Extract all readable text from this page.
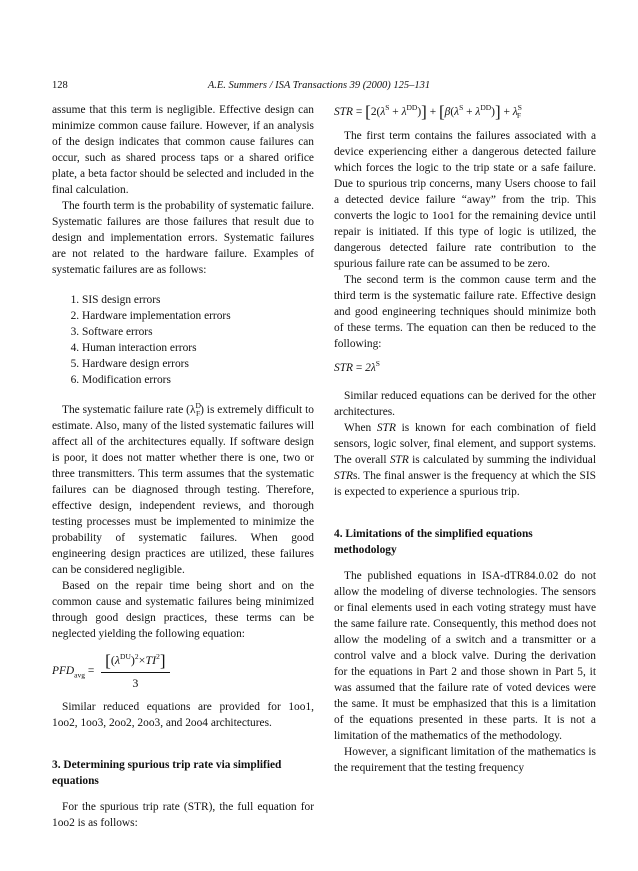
128	A.E. Summers / ISA Transactions 39 (2000) 125–131

assume that this term is negligible. Effective design can minimize common cause failure. However, if an analysis of the design indicates that common cause failures can occur, such as shared process taps or a shared orifice plate, a beta factor should be selected and included in the final calculation.

The fourth term is the probability of systematic failure. Systematic failures are those failures that result due to design and implementation errors. Systematic failures are not related to the hardware failure. Examples of systematic failures are as follows:

1. SIS design errors
2. Hardware implementation errors
3. Software errors
4. Human interaction errors
5. Hardware design errors
6. Modification errors

The systematic failure rate $(\lambda^D_F)$ is extremely difficult to estimate. Also, many of the listed systematic failures will affect all of the architectures equally. If software design is poor, it does not matter whether there is one, two or three transmitters. This term assumes that the systematic failures can be diagnosed through testing. Therefore, effective design, independent reviews, and thorough testing processes must be implemented to minimize the probability of systematic failures. When good engineering design practices are utilized, these failures can be considered negligible.

Based on the repair time being short and on the common cause and systematic failures being minimized through good design practices, these terms can be neglected yielding the following equation:

$PFD_{avg} = \frac{[(\lambda^{DU})^2\times TI^2]}{3}$

Similar reduced equations are provided for 1oo1, 1oo2, 1oo3, 2oo2, 2oo3, and 2oo4 architectures.

3. Determining spurious trip rate via simplified equations

For the spurious trip rate (STR), the full equation for 1oo2 is as follows:

STR = $[2(\lambda^S + \lambda^{DD})] + [\beta(\lambda^S + \lambda^{DD})] + \lambda^S_F$

The first term contains the failures associated with a device experiencing either a dangerous detected failure which forces the logic to the trip state or a safe failure. Due to spurious trip concerns, many Users choose to fail a detected device failure “away” from the trip. This converts the logic to 1oo1 for the remaining device until repair is initiated. If this type of logic is utilized, the dangerous detected failure rate contribution to the spurious failure rate can be assumed to be zero.

The second term is the common cause term and the third term is the systematic failure rate. Effective design and good engineering techniques should minimize both of these terms. The equation can then be reduced to the following:

STR = $2\lambda^S$

Similar reduced equations can be derived for the other architectures.

When STR is known for each combination of field sensors, logic solver, final element, and support systems. The overall STR is calculated by summing the individual STRs. The final answer is the frequency at which the SIS is expected to experience a spurious trip.

4. Limitations of the simplified equations methodology

The published equations in ISA-dTR84.0.02 do not allow the modeling of diverse technologies. The sensors or final elements used in each voting strategy must have the same failure rate. Consequently, this method does not allow the modeling of a switch and a transmitter or a control valve and a block valve. During the derivation for the equations in Part 2 and those shown in Part 5, it was assumed that the failure rate of voted devices were the same. It must be emphasized that this is a limitation of the equations presented in these parts. It is not a limitation of the mathematics of the methodology.

However, a significant limitation of the mathematics is the requirement that the testing frequency
